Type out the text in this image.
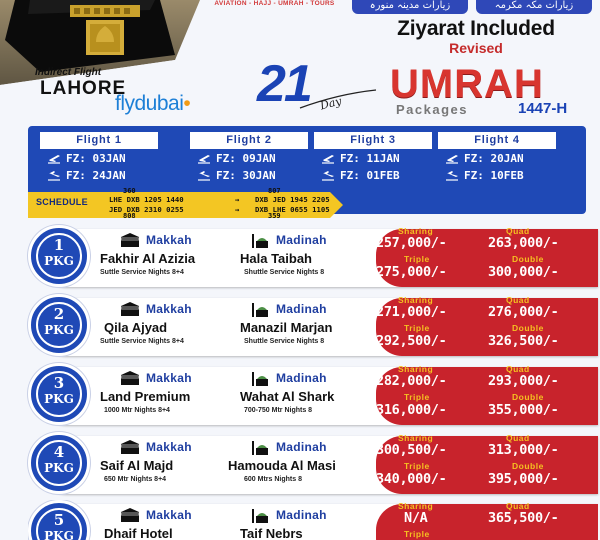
AVIATION - HAJJ - UMRAH - TOURS	زیارات مدینہ منورہ	زیارات مکہ مکرمہ
Ziyarat Included
Revised
Indirect Flight
LAHORE
flydubai• 21 Day UMRAH
Packages	1447-H
Flight 1
FZ: 03JAN
FZ: 24JAN
Flight 2
FZ: 09JAN
FZ: 30JAN
Flight 3
FZ: 11JAN
FZ: 01FEB
Flight 4
FZ: 20JAN
FZ: 10FEB
SCHEDULE
360
LHE DXB 1205 1440
JED DXB 2310 0255
808
→
→
807
DXB JED 1945 2205
DXB LHE 0655 1105
359
1
PKG
Makkah
Fakhir Al Azizia
Suttle Service Nights 8+4
Madinah
Hala Taibah
Shuttle Service Nights 8
Sharing	Quad
257,000/-	263,000/-
Triple	Double
275,000/-	300,000/-
2
PKG
Makkah
Qila Ajyad
Suttle Service Nights 8+4
Madinah
Manazil Marjan
Shuttle Service Nights 8
Sharing	Quad
271,000/-	276,000/-
Triple	Double
292,500/-	326,500/-
3
PKG
Makkah
Land Premium
1000 Mtr Nights 8+4
Madinah
Wahat Al Shark
700-750 Mtr Nights 8
Sharing	Quad
282,000/-	293,000/-
Triple	Double
316,000/-	355,000/-
4
PKG
Makkah
Saif Al Majd
650 Mtr Nights 8+4
Madinah
Hamouda Al Masi
600 Mtrs Nights 8
Sharing	Quad
300,500/-	313,000/-
Triple	Double
340,000/-	395,000/-
5
PKG
Makkah
Dhaif Hotel
Madinah
Taif Nebrs
Sharing	Quad
N/A	365,500/-
Triple
